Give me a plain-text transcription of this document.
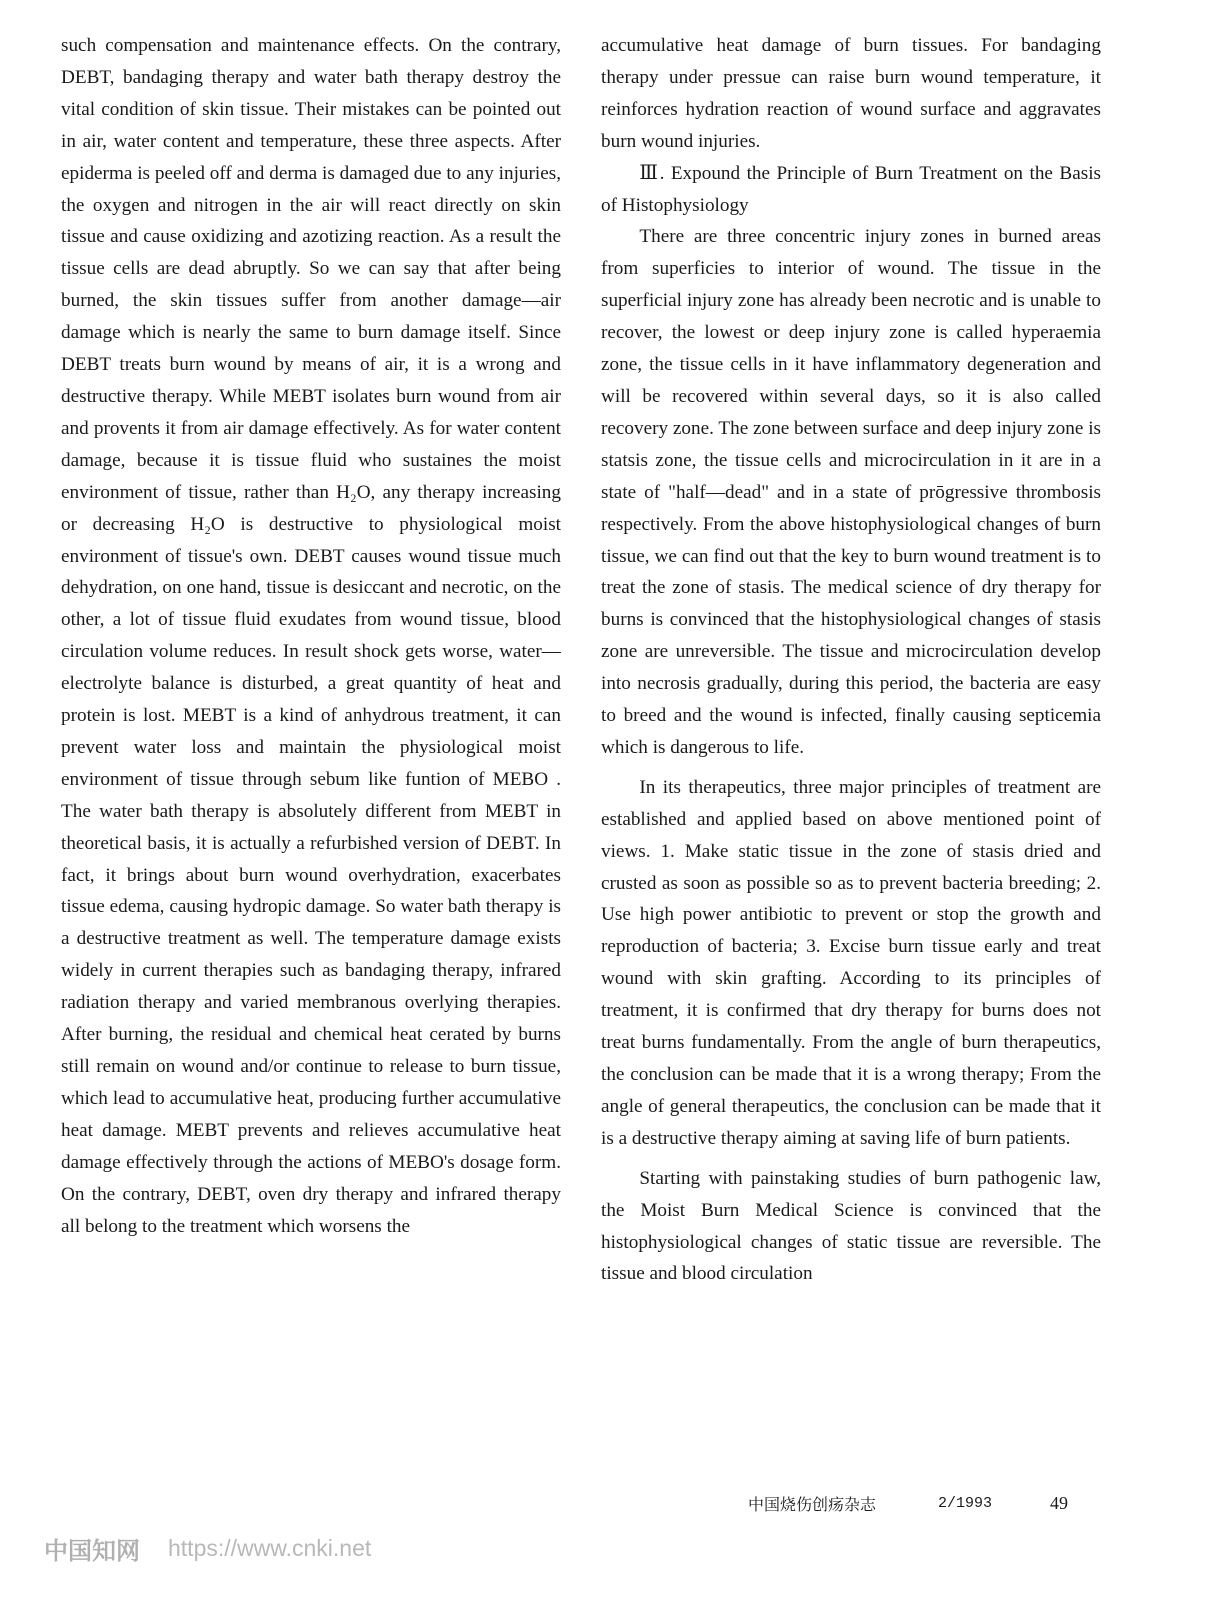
such compensation and maintenance effects. On the contrary, DEBT, bandaging therapy and water bath therapy destroy the vital condition of skin tissue. Their mistakes can be pointed out in air, water content and temperature, these three aspects. After epiderma is peeled off and derma is damaged due to any injuries, the oxygen and nitrogen in the air will react directly on skin tissue and cause oxidizing and azotizing reaction. As a result the tissue cells are dead abruptly. So we can say that after being burned, the skin tissues suffer from another damage—air damage which is nearly the same to burn damage itself. Since DEBT treats burn wound by means of air, it is a wrong and destructive therapy. While MEBT isolates burn wound from air and provents it from air damage effectively. As for water content damage, because it is tissue fluid who sustaines the moist environment of tissue, rather than H₂O, any therapy increasing or decreasing H₂O is destructive to physiological moist environment of tissue's own. DEBT causes wound tissue much dehydration, on one hand, tissue is desiccant and necrotic, on the other, a lot of tissue fluid exudates from wound tissue, blood circulation volume reduces. In result shock gets worse, water—electrolyte balance is disturbed, a great quantity of heat and protein is lost. MEBT is a kind of anhydrous treatment, it can prevent water loss and maintain the physiological moist environment of tissue through sebum like funtion of MEBO . The water bath therapy is absolutely different from MEBT in theoretical basis, it is actually a refurbished version of DEBT. In fact, it brings about burn wound overhydration, exacerbates tissue edema, causing hydropic damage. So water bath therapy is a destructive treatment as well. The temperature damage exists widely in current therapies such as bandaging therapy, infrared radiation therapy and varied membranous overlying therapies. After burning, the residual and chemical heat cerated by burns still remain on wound and/or continue to release to burn tissue, which lead to accumulative heat, producing further accumulative heat damage. MEBT prevents and relieves accumulative heat damage effectively through the actions of MEBO's dosage form. On the contrary, DEBT, oven dry therapy and infrared therapy all belong to the treatment which worsens the

accumulative heat damage of burn tissues. For bandaging therapy under pressue can raise burn wound temperature, it reinforces hydration reaction of wound surface and aggravates burn wound injuries.

Ⅲ. Expound the Principle of Burn Treatment on the Basis of Histophysiology

There are three concentric injury zones in burned areas from superficies to interior of wound. The tissue in the superficial injury zone has already been necrotic and is unable to recover, the lowest or deep injury zone is called hyperaemia zone, the tissue cells in it have inflammatory degeneration and will be recovered within several days, so it is also called recovery zone. The zone between surface and deep injury zone is statsis zone, the tissue cells and microcirculation in it are in a state of "half—dead" and in a state of prōgressive thrombosis respectively. From the above histophysiological changes of burn tissue, we can find out that the key to burn wound treatment is to treat the zone of stasis. The medical science of dry therapy for burns is convinced that the histophysiological changes of stasis zone are unreversible. The tissue and microcirculation develop into necrosis gradually, during this period, the bacteria are easy to breed and the wound is infected, finally causing septicemia which is dangerous to life.

In its therapeutics, three major principles of treatment are established and applied based on above mentioned point of views. 1. Make static tissue in the zone of stasis dried and crusted as soon as possible so as to prevent bacteria breeding; 2. Use high power antibiotic to prevent or stop the growth and reproduction of bacteria; 3. Excise burn tissue early and treat wound with skin grafting. According to its principles of treatment, it is confirmed that dry therapy for burns does not treat burns fundamentally. From the angle of burn therapeutics, the conclusion can be made that it is a wrong therapy; From the angle of general therapeutics, the conclusion can be made that it is a destructive therapy aiming at saving life of burn patients.

Starting with painstaking studies of burn pathogenic law, the Moist Burn Medical Science is convinced that the histophysiological changes of static tissue are reversible. The tissue and blood circulation

中国烧伤创疡杂志	2/1993	49
中国知网 https://www.cnki.net
